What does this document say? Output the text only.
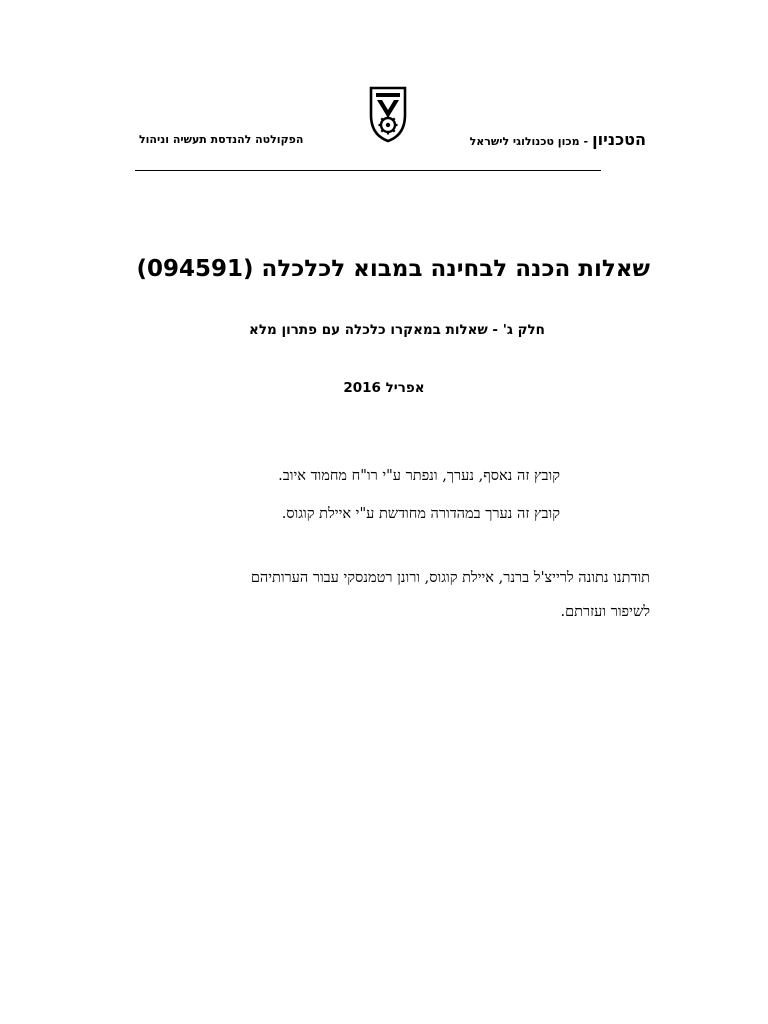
הטכניון
-
מכון טכנולוגי לישראל
הפקולטה להנדסת תעשיה וניהול
שאלות הכנה לבחינה במבוא לכלכלה (094591)
חלק ג' - שאלות במאקרו כלכלה עם פתרון מלא
אפריל 2016
קובץ זה נאסף, נערך, ונפתר ע"י רו"ח מחמוד איוב.
קובץ זה נערך במהדורה מחודשת ע"י איילת קוגוס.
תודתנו נתונה לרייצ'ל ברנר, איילת קוגוס, ורונן רטמנסקי עבור הערותיהם
לשיפור ועזרתם.
